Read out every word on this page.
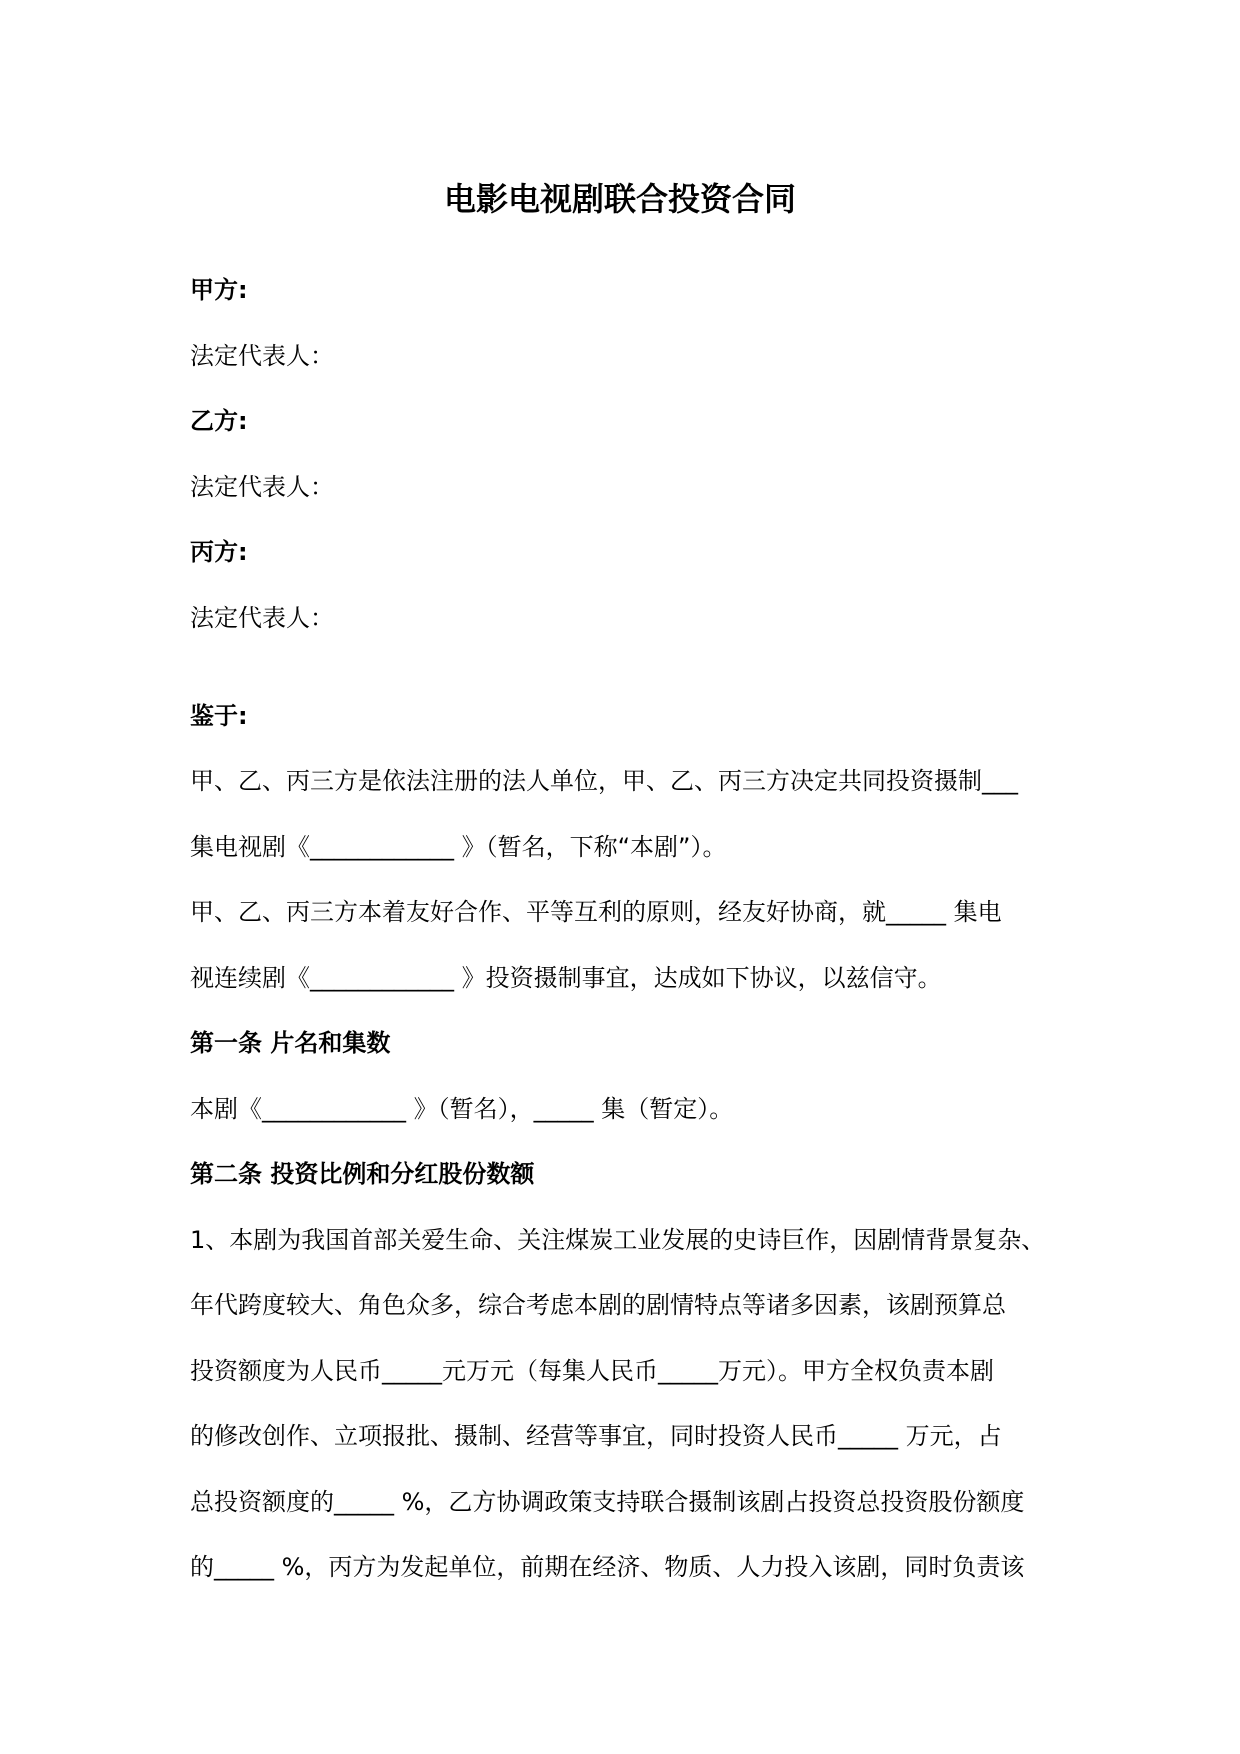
电影电视剧联合投资合同
甲方:
法定代表人：
乙方:
法定代表人：
丙方:
法定代表人：
鉴于:
甲、乙、丙三方是依法注册的法人单位，甲、乙、丙三方决定共同投资摄制___
集电视剧《____________ 》（暂名，下称“本剧”）。
甲、乙、丙三方本着友好合作、平等互利的原则，经友好协商，就_____ 集电
视连续剧《____________ 》投资摄制事宜，达成如下协议，以兹信守。
第一条 片名和集数
本剧《____________ 》（暂名），_____ 集（暂定）。
第二条 投资比例和分红股份数额
1、本剧为我国首部关爱生命、关注煤炭工业发展的史诗巨作，因剧情背景复杂、
年代跨度较大、角色众多，综合考虑本剧的剧情特点等诸多因素，该剧预算总
投资额度为人民币_____元万元（每集人民币_____万元）。甲方全权负责本剧
的修改创作、立项报批、摄制、经营等事宜，同时投资人民币_____ 万元，占
总投资额度的_____ %，乙方协调政策支持联合摄制该剧占投资总投资股份额度
的_____ %，丙方为发起单位，前期在经济、物质、人力投入该剧，同时负责该
